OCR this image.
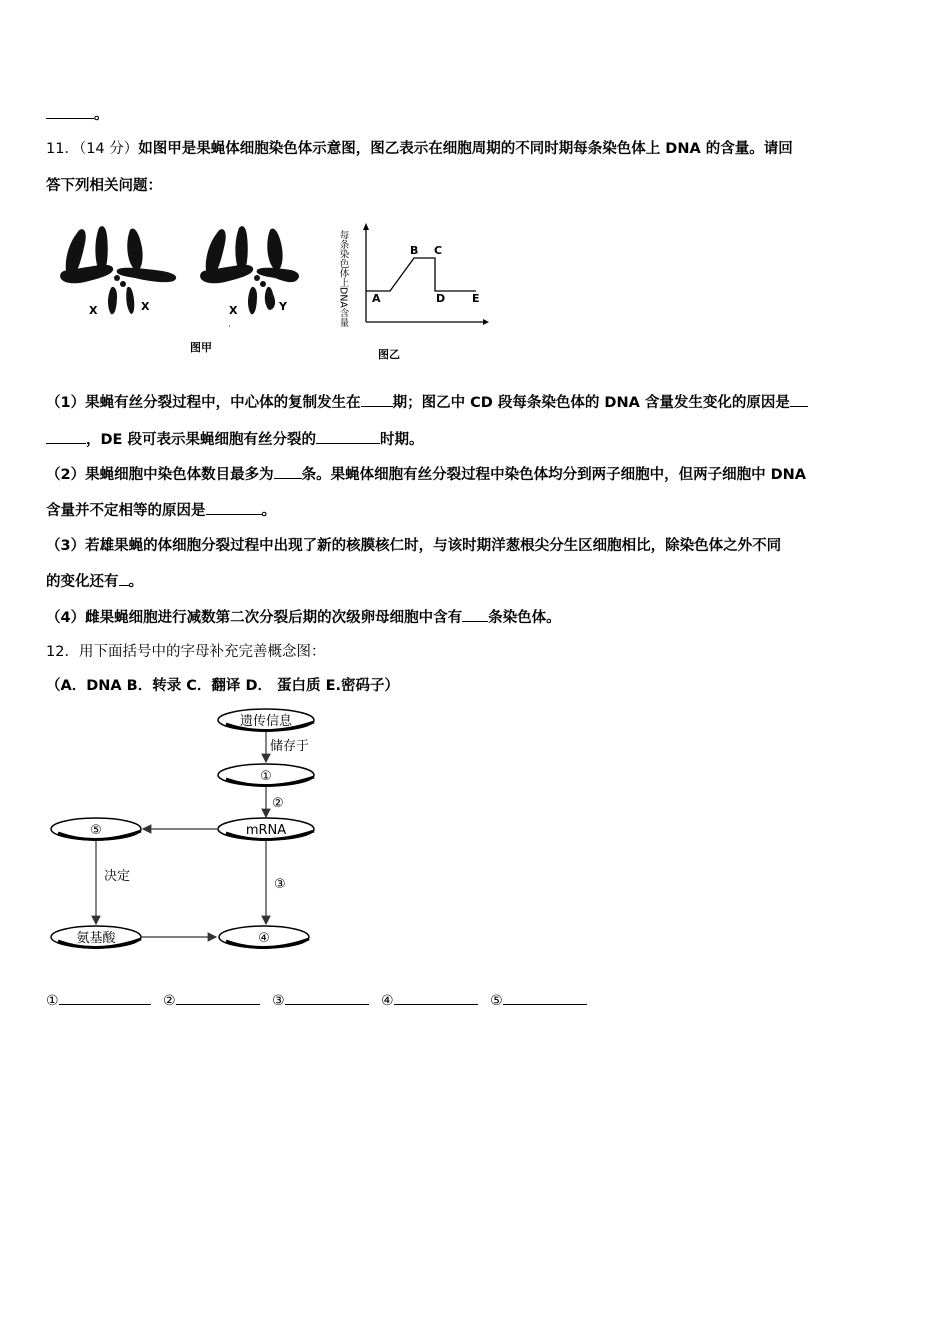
。
11．（14 分）如图甲是果蝇体细胞染色体示意图，图乙表示在细胞周期的不同时期每条染色体上 DNA 的含量。请回
答下列相关问题：
X	X	X	Y
˙
图甲
每条染色体上DNA含量 A
B C
D E
图乙
（1）果蝇有丝分裂过程中，中心体的复制发生在 期；图乙中 CD 段每条染色体的 DNA 含量发生变化的原因是
，DE 段可表示果蝇细胞有丝分裂的	时期。
（2）果蝇细胞中染色体数目最多为 条。果蝇体细胞有丝分裂过程中染色体均分到两子细胞中，但两子细胞中 DNA
含量并不定相等的原因是	。
（3）若雄果蝇的体细胞分裂过程中出现了新的核膜核仁时，与该时期洋葱根尖分生区细胞相比，除染色体之外不同
的变化还有 。
（4）雌果蝇细胞进行减数第二次分裂后期的次级卵母细胞中含有 条染色体。
12．用下面括号中的字母补充完善概念图：
（A．DNA B．转录 C．翻译 D． 蛋白质 E.密码子）
遗传信息
储存于
①
②
mRNA
⑤
决定
③
氨基酸	④
①	②	③	④	⑤
